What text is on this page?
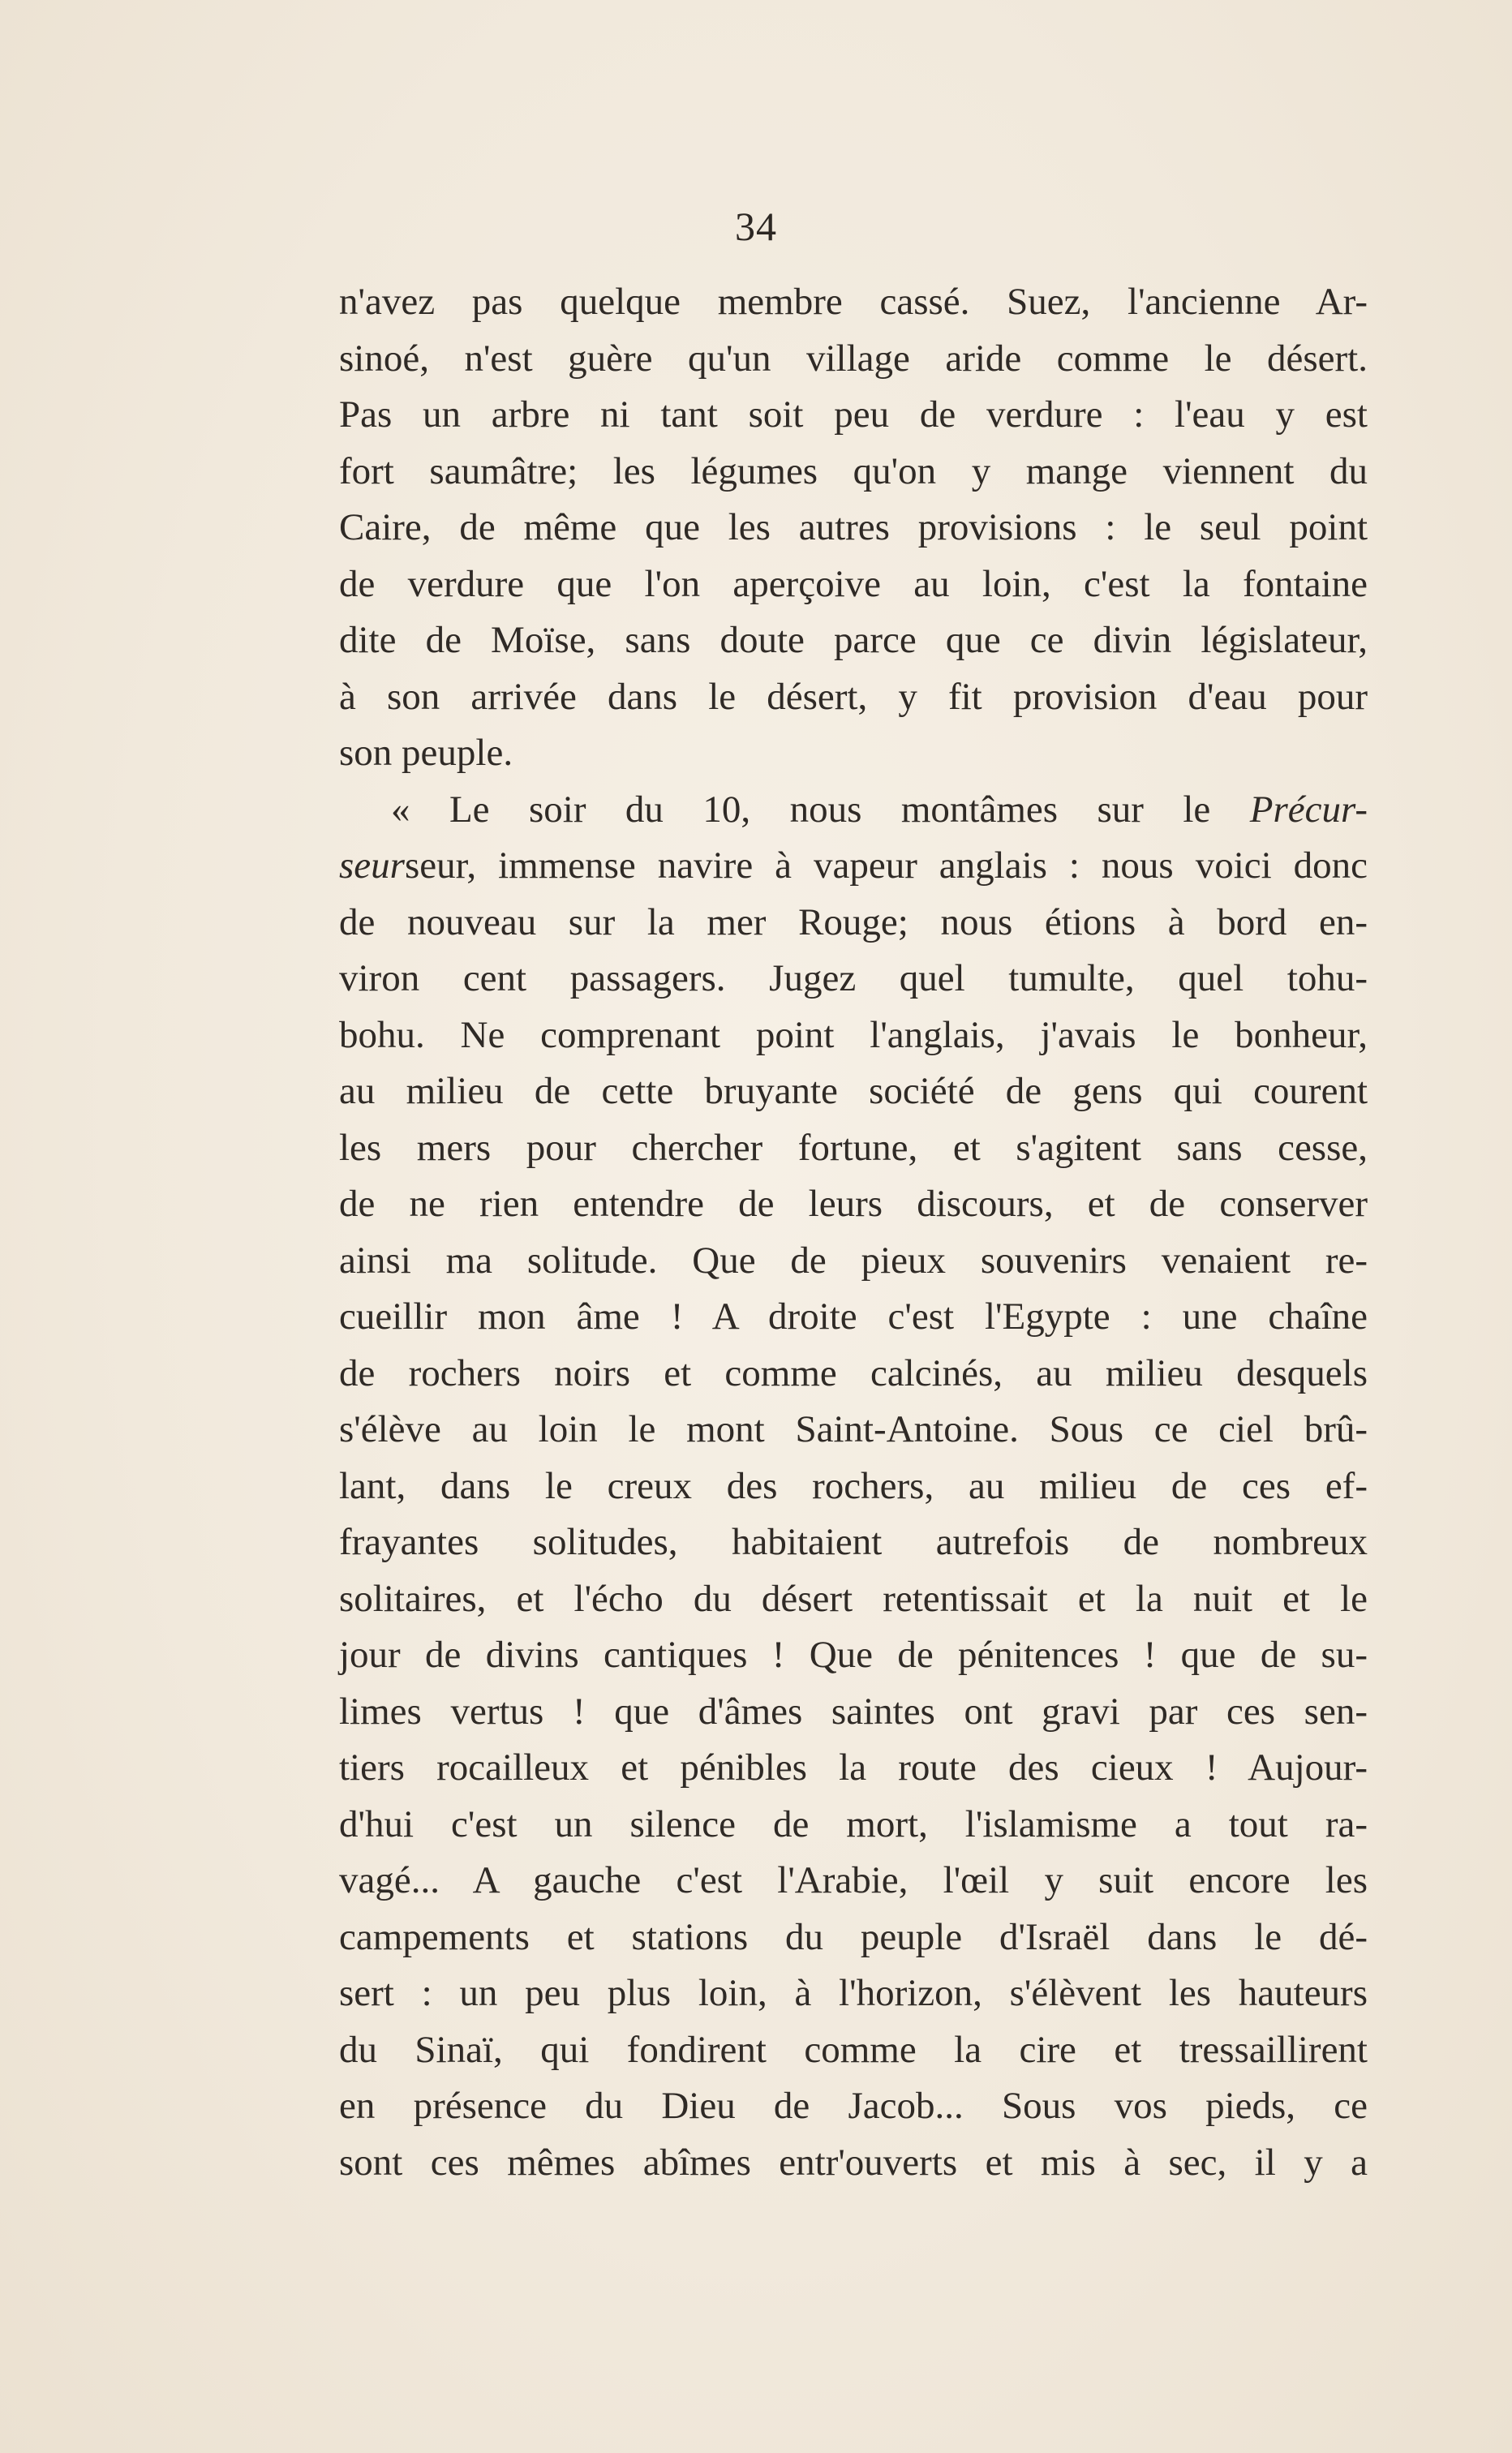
34
n'avez pas quelque membre cassé. Suez, l'ancienne Ar-
sinoé, n'est guère qu'un village aride comme le désert.
Pas un arbre ni tant soit peu de verdure : l'eau y est
fort saumâtre; les légumes qu'on y mange viennent du
Caire, de même que les autres provisions : le seul point
de verdure que l'on aperçoive au loin, c'est la fontaine
dite de Moïse, sans doute parce que ce divin législateur,
à son arrivée dans le désert, y fit provision d'eau pour
son peuple.
« Le soir du 10, nous montâmes sur le Précur-
seurseur, immense navire à vapeur anglais : nous voici donc
de nouveau sur la mer Rouge; nous étions à bord en-
viron cent passagers. Jugez quel tumulte, quel tohu-
bohu. Ne comprenant point l'anglais, j'avais le bonheur,
au milieu de cette bruyante société de gens qui courent
les mers pour chercher fortune, et s'agitent sans cesse,
de ne rien entendre de leurs discours, et de conserver
ainsi ma solitude. Que de pieux souvenirs venaient re-
cueillir mon âme ! A droite c'est l'Egypte : une chaîne
de rochers noirs et comme calcinés, au milieu desquels
s'élève au loin le mont Saint-Antoine. Sous ce ciel brû-
lant, dans le creux des rochers, au milieu de ces ef-
frayantes solitudes, habitaient autrefois de nombreux
solitaires, et l'écho du désert retentissait et la nuit et le
jour de divins cantiques ! Que de pénitences ! que de su-
limes vertus ! que d'âmes saintes ont gravi par ces sen-
tiers rocailleux et pénibles la route des cieux ! Aujour-
d'hui c'est un silence de mort, l'islamisme a tout ra-
vagé... A gauche c'est l'Arabie, l'œil y suit encore les
campements et stations du peuple d'Israël dans le dé-
sert : un peu plus loin, à l'horizon, s'élèvent les hauteurs
du Sinaï, qui fondirent comme la cire et tressaillirent
en présence du Dieu de Jacob... Sous vos pieds, ce
sont ces mêmes abîmes entr'ouverts et mis à sec, il y a
